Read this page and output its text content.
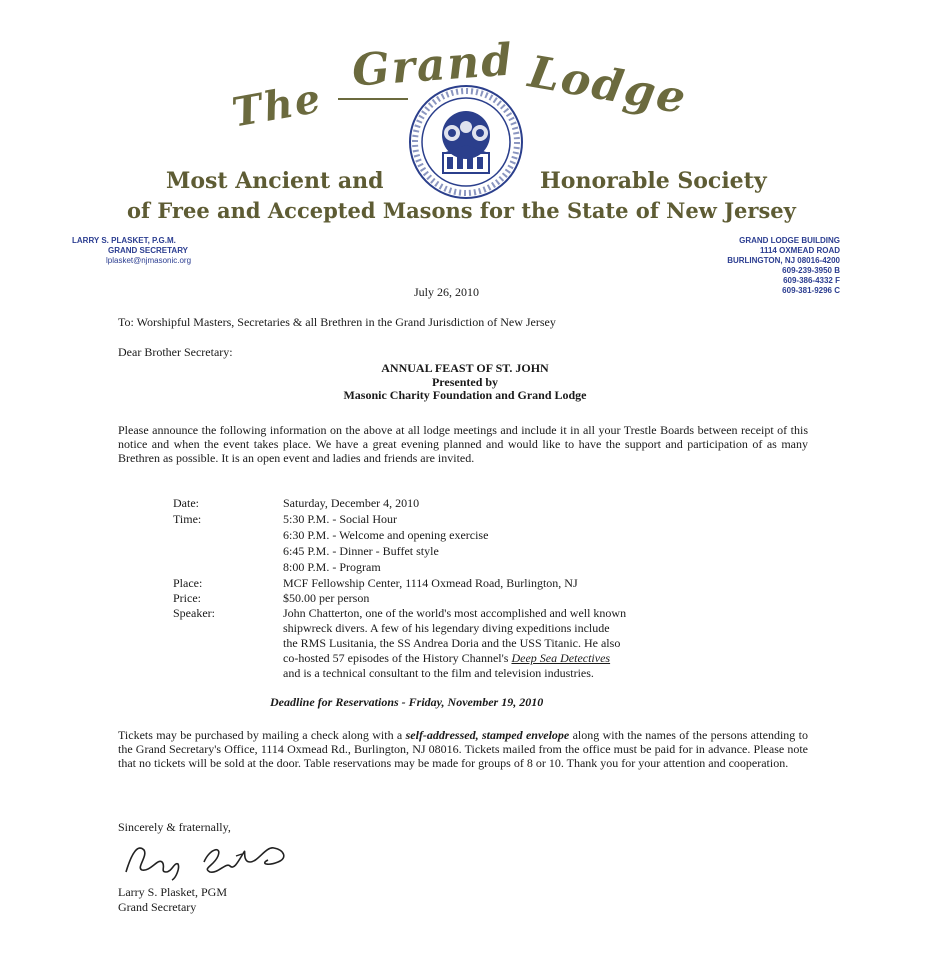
The
Grand Lodge
Most Ancient and	Honorable Society
of Free and Accepted Masons for the State of New Jersey
LARRY S. PLASKET, P.G.M.
GRAND SECRETARY
lplasket@njmasonic.org
GRAND LODGE BUILDING
1114 OXMEAD ROAD
BURLINGTON, NJ 08016-4200
609-239-3950 B
609-386-4332 F
609-381-9296 C
July 26, 2010
To: Worshipful Masters, Secretaries & all Brethren in the Grand Jurisdiction of New Jersey
Dear Brother Secretary:
ANNUAL FEAST OF ST. JOHN
Presented by
Masonic Charity Foundation and Grand Lodge
Please announce the following information on the above at all lodge meetings and include it in all your Trestle Boards between receipt of this notice and when the event takes place. We have a great evening planned and would like to have the support and participation of as many Brethren as possible. It is an open event and ladies and friends are invited.
Date:	Saturday, December 4, 2010
Time:	5:30 P.M. - Social Hour
6:30 P.M. - Welcome and opening exercise
6:45 P.M. - Dinner - Buffet style
8:00 P.M. - Program
Place:	MCF Fellowship Center, 1114 Oxmead Road, Burlington, NJ
Price:	$50.00 per person
Speaker:	John Chatterton, one of the world's most accomplished and well known
shipwreck divers. A few of his legendary diving expeditions include
the RMS Lusitania, the SS Andrea Doria and the USS Titanic. He also
co-hosted 57 episodes of the History Channel's Deep Sea Detectives
and is a technical consultant to the film and television industries.
Deadline for Reservations - Friday, November 19, 2010
Tickets may be purchased by mailing a check along with a self-addressed, stamped envelope along with the names of the persons attending to the Grand Secretary's Office, 1114 Oxmead Rd., Burlington, NJ 08016. Tickets mailed from the office must be paid for in advance. Please note that no tickets will be sold at the door. Table reservations may be made for groups of 8 or 10. Thank you for your attention and cooperation.
Sincerely & fraternally,
Larry S. Plasket, PGM
Grand Secretary
